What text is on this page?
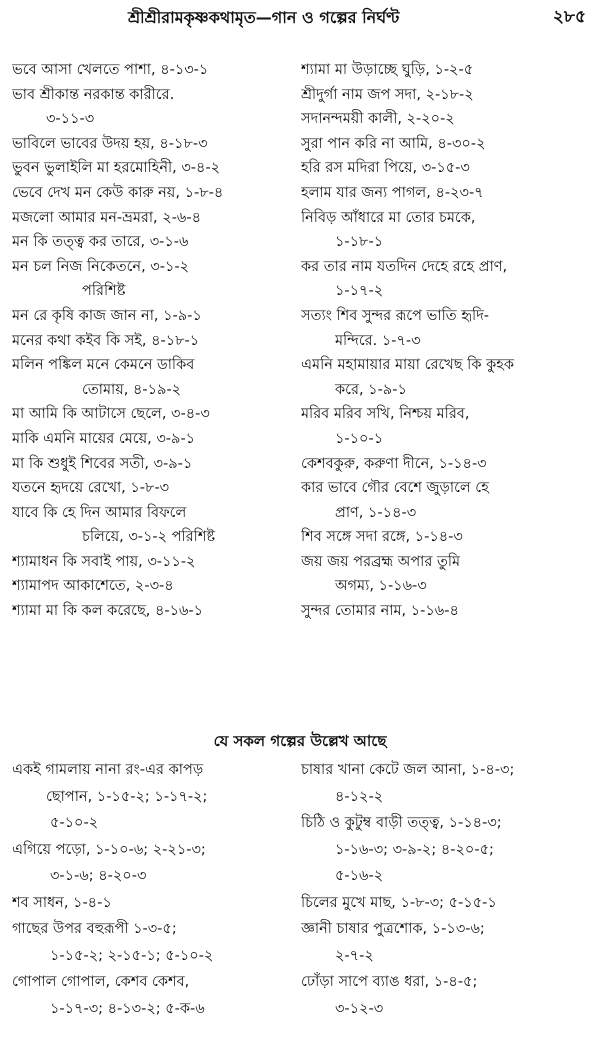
শ্রীশ্রীরামকৃষ্ণকথামৃত—গান ও গল্পের নির্ঘণ্ট	২৮৫
ভবে আসা খেলতে পাশা, ৪-১৩-১
ভাব শ্রীকান্ত নরকান্ত কারীরে.
৩-১১-৩
ভাবিলে ভাবের উদয় হয়, ৪-১৮-৩
ভুবন ভুলাইলি মা হরমোহিনী, ৩-৪-২
ভেবে দেখ মন কেউ কারু নয়, ১-৮-৪
মজলো আমার মন-ভ্রমরা, ২-৬-৪
মন কি তত্ত্ব কর তারে, ৩-১-৬
মন চল নিজ নিকেতনে, ৩-১-২
পরিশিষ্ট
মন রে কৃষি কাজ জান না, ১-৯-১
মনের কথা কইব কি সই, ৪-১৮-১
মলিন পঙ্কিল মনে কেমনে ডাকিব
তোমায়, ৪-১৯-২
মা আমি কি আটাসে ছেলে, ৩-৪-৩
মাকি এমনি মায়ের মেয়ে, ৩-৯-১
মা কি শুধুই শিবের সতী, ৩-৯-১
যতনে হৃদয়ে রেখো, ১-৮-৩
যাবে কি হে দিন আমার বিফলে
চলিয়ে, ৩-১-২ পরিশিষ্ট
শ্যামাধন কি সবাই পায়, ৩-১১-২
শ্যামাপদ আকাশেতে, ২-৩-৪
শ্যামা মা কি কল করেছে, ৪-১৬-১
শ্যামা মা উড়াচ্ছে ঘুড়ি, ১-২-৫
শ্রীদুর্গা নাম জপ সদা, ২-১৮-২
সদানন্দময়ী কালী, ২-২০-২
সুরা পান করি না আমি, ৪-৩০-২
হরি রস মদিরা পিয়ে, ৩-১৫-৩
হলাম যার জন্য পাগল, ৪-২৩-৭
নিবিড় আঁধারে মা তোর চমকে,
১-১৮-১
কর তার নাম যতদিন দেহে রহে প্রাণ,
১-১৭-২
সত্যং শিব সুন্দর রূপে ভাতি হৃদি-
মন্দিরে. ১-৭-৩
এমনি মহামায়ার মায়া রেখেছ কি কুহক
করে, ১-৯-১
মরিব মরিব সখি, নিশ্চয় মরিব,
১-১০-১
কেশবকুরু, করুণা দীনে, ১-১৪-৩
কার ভাবে গৌর বেশে জুড়ালে হে
প্রাণ, ১-১৪-৩
শিব সঙ্গে সদা রঙ্গে, ১-১৪-৩
জয় জয় পরব্রহ্ম অপার তুমি
অগম্য, ১-১৬-৩
সুন্দর তোমার নাম, ১-১৬-৪
যে সকল গল্পের উল্লেখ আছে
একই গামলায় নানা রং-এর কাপড়
ছোপান, ১-১৫-২; ১-১৭-২;
৫-১০-২
এগিয়ে পড়ো, ১-১০-৬; ২-২১-৩;
৩-১-৬; ৪-২০-৩
শব সাধন, ১-৪-১
গাছের উপর বহুরূপী ১-৩-৫;
১-১৫-২; ২-১৫-১; ৫-১০-২
গোপাল গোপাল, কেশব কেশব,
১-১৭-৩; ৪-১৩-২; ৫-ক-৬
চাষার খানা কেটে জল আনা, ১-৪-৩;
৪-১২-২
চিঠি ও কুটুম্ব বাড়ী তত্ত্ব, ১-১৪-৩;
১-১৬-৩; ৩-৯-২; ৪-২০-৫;
৫-১৬-২
চিলের মুখে মাছ, ১-৮-৩; ৫-১৫-১
জ্ঞানী চাষার পুত্রশোক, ১-১৩-৬;
২-৭-২
ঢোঁড়া সাপে ব্যাঙ ধরা, ১-৪-৫;
৩-১২-৩
